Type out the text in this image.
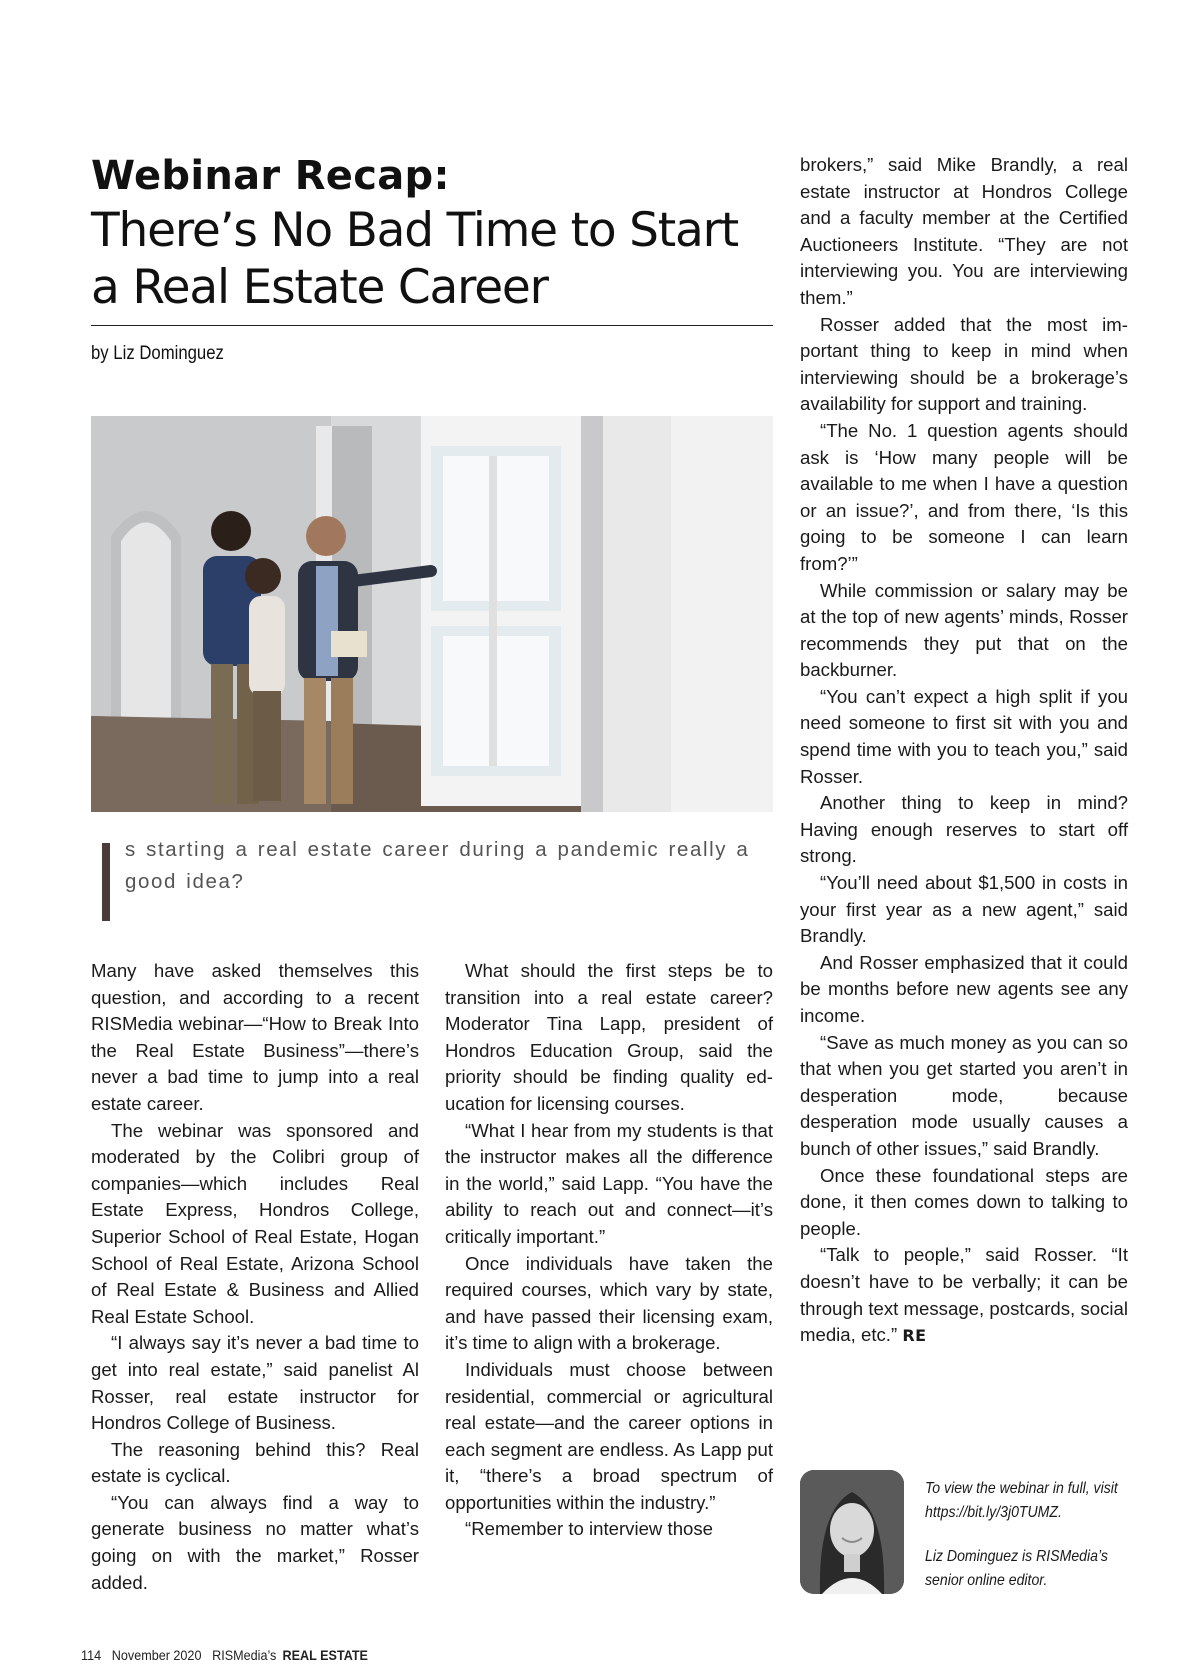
Webinar Recap:
There’s No Bad Time to Start
a Real Estate Career
by Liz Dominguez
s starting a real estate career during a pandemic really a good idea?

Many have asked themselves this question, and according to a recent RISMedia webinar—“How to Break Into the Real Estate Business”—there’s never a bad time to jump into a real estate career.

The webinar was sponsored and moderated by the Colibri group of companies—which includes Real Estate Express, Hondros College, Superior School of Real Estate, Hogan School of Real Estate, Arizona School of Real Estate & Business and Allied Real Estate School.

“I always say it’s never a bad time to get into real estate,” said panelist Al Rosser, real estate instructor for Hondros College of Business.

The reasoning behind this? Real estate is cyclical.

“You can always find a way to generate business no matter what’s going on with the market,” Rosser added.

What should the first steps be to transition into a real estate career? Moderator Tina Lapp, president of Hondros Education Group, said the priority should be finding quality education for licensing courses.

“What I hear from my students is that the instructor makes all the difference in the world,” said Lapp. “You have the ability to reach out and connect—it’s critically important.”

Once individuals have taken the required courses, which vary by state, and have passed their licensing exam, it’s time to align with a brokerage.

Individuals must choose between residential, commercial or agricultural real estate—and the career options in each segment are endless. As Lapp put it, “there’s a broad spectrum of opportunities within the industry.”

“Remember to interview those

brokers,” said Mike Brandly, a real estate instructor at Hondros College and a faculty member at the Certified Auctioneers Institute. “They are not interviewing you. You are interviewing them.”

Rosser added that the most important thing to keep in mind when interviewing should be a brokerage’s availability for support and training.

“The No. 1 question agents should ask is ‘How many people will be available to me when I have a question or an issue?’, and from there, ‘Is this going to be someone I can learn from?’”

While commission or salary may be at the top of new agents’ minds, Rosser recommends they put that on the backburner.

“You can’t expect a high split if you need someone to first sit with you and spend time with you to teach you,” said Rosser.

Another thing to keep in mind? Having enough reserves to start off strong.

“You’ll need about $1,500 in costs in your first year as a new agent,” said Brandly.

And Rosser emphasized that it could be months before new agents see any income.

“Save as much money as you can so that when you get started you aren’t in desperation mode, because desperation mode usually causes a bunch of other issues,” said Brandly.

Once these foundational steps are done, it then comes down to talking to people.

“Talk to people,” said Rosser. “It doesn’t have to be verbally; it can be through text message, postcards, social media, etc.” RE

To view the webinar in full, visit https://bit.ly/3j0TUMZ.

Liz Dominguez is RISMedia’s senior online editor.

114 November 2020 RISMedia’s REAL ESTATE
